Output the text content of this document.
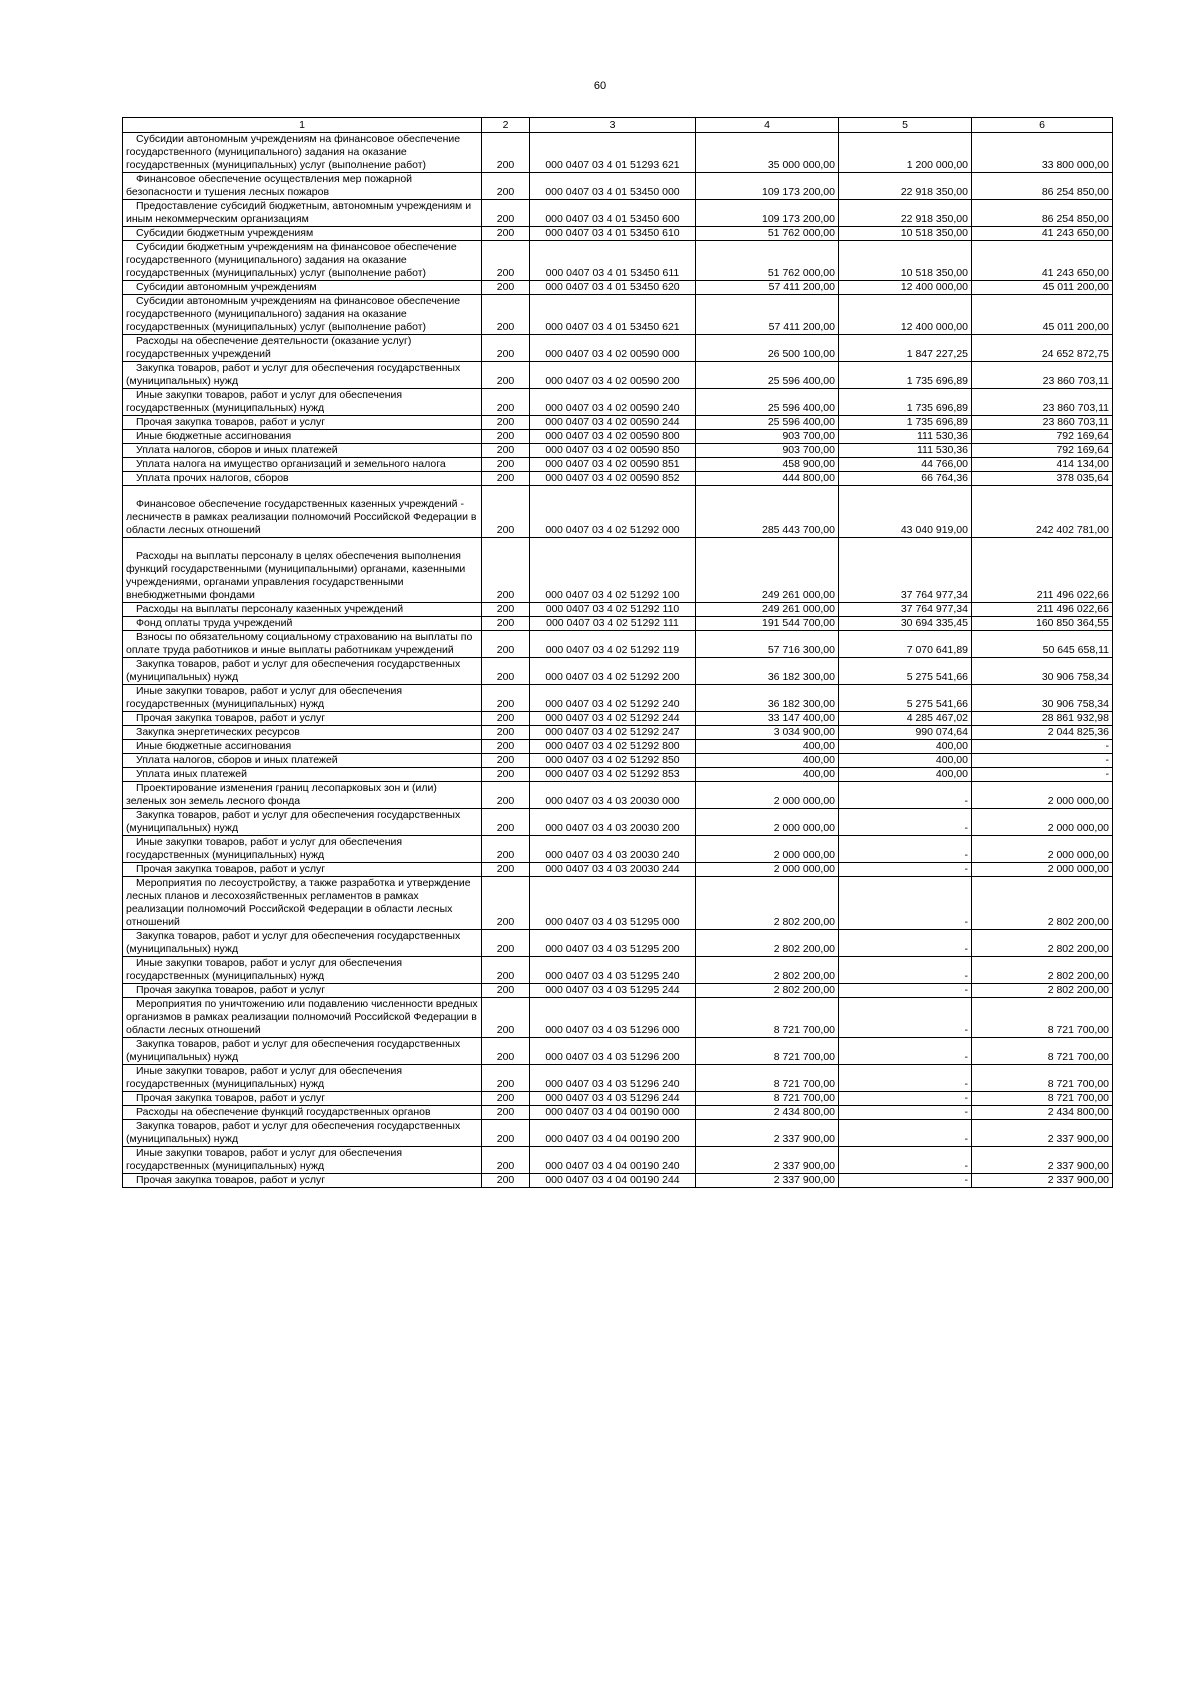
60
1	2	3	4	5	6
Субсидии автономным учреждениям на финансовое обеспечение государственного (муниципального) задания на оказание государственных (муниципальных) услуг (выполнение работ)	200	000 0407 03 4 01 51293 621	35 000 000,00	1 200 000,00	33 800 000,00
Финансовое обеспечение осуществления мер пожарной безопасности и тушения лесных пожаров	200	000 0407 03 4 01 53450 000	109 173 200,00	22 918 350,00	86 254 850,00
Предоставление субсидий бюджетным, автономным учреждениям и иным некоммерческим организациям	200	000 0407 03 4 01 53450 600	109 173 200,00	22 918 350,00	86 254 850,00
Субсидии бюджетным учреждениям	200	000 0407 03 4 01 53450 610	51 762 000,00	10 518 350,00	41 243 650,00
Субсидии бюджетным учреждениям на финансовое обеспечение государственного (муниципального) задания на оказание государственных (муниципальных) услуг (выполнение работ)	200	000 0407 03 4 01 53450 611	51 762 000,00	10 518 350,00	41 243 650,00
Субсидии автономным учреждениям	200	000 0407 03 4 01 53450 620	57 411 200,00	12 400 000,00	45 011 200,00
Субсидии автономным учреждениям на финансовое обеспечение государственного (муниципального) задания на оказание государственных (муниципальных) услуг (выполнение работ)	200	000 0407 03 4 01 53450 621	57 411 200,00	12 400 000,00	45 011 200,00
Расходы на обеспечение деятельности (оказание услуг) государственных учреждений	200	000 0407 03 4 02 00590 000	26 500 100,00	1 847 227,25	24 652 872,75
Закупка товаров, работ и услуг для обеспечения государственных (муниципальных) нужд	200	000 0407 03 4 02 00590 200	25 596 400,00	1 735 696,89	23 860 703,11
Иные закупки товаров, работ и услуг для обеспечения государственных (муниципальных) нужд	200	000 0407 03 4 02 00590 240	25 596 400,00	1 735 696,89	23 860 703,11
Прочая закупка товаров, работ и услуг	200	000 0407 03 4 02 00590 244	25 596 400,00	1 735 696,89	23 860 703,11
Иные бюджетные ассигнования	200	000 0407 03 4 02 00590 800	903 700,00	111 530,36	792 169,64
Уплата налогов, сборов и иных платежей	200	000 0407 03 4 02 00590 850	903 700,00	111 530,36	792 169,64
Уплата налога на имущество организаций и земельного налога	200	000 0407 03 4 02 00590 851	458 900,00	44 766,00	414 134,00
Уплата прочих налогов, сборов	200	000 0407 03 4 02 00590 852	444 800,00	66 764,36	378 035,64
Финансовое обеспечение государственных казенных учреждений - лесничеств в рамках реализации полномочий Российской Федерации в области лесных отношений	200	000 0407 03 4 02 51292 000	285 443 700,00	43 040 919,00	242 402 781,00
Расходы на выплаты персоналу в целях обеспечения выполнения функций государственными (муниципальными) органами, казенными учреждениями, органами управления государственными внебюджетными фондами	200	000 0407 03 4 02 51292 100	249 261 000,00	37 764 977,34	211 496 022,66
Расходы на выплаты персоналу казенных учреждений	200	000 0407 03 4 02 51292 110	249 261 000,00	37 764 977,34	211 496 022,66
Фонд оплаты труда учреждений	200	000 0407 03 4 02 51292 111	191 544 700,00	30 694 335,45	160 850 364,55
Взносы по обязательному социальному страхованию на выплаты по оплате труда работников и иные выплаты работникам учреждений	200	000 0407 03 4 02 51292 119	57 716 300,00	7 070 641,89	50 645 658,11
Закупка товаров, работ и услуг для обеспечения государственных (муниципальных) нужд	200	000 0407 03 4 02 51292 200	36 182 300,00	5 275 541,66	30 906 758,34
Иные закупки товаров, работ и услуг для обеспечения государственных (муниципальных) нужд	200	000 0407 03 4 02 51292 240	36 182 300,00	5 275 541,66	30 906 758,34
Прочая закупка товаров, работ и услуг	200	000 0407 03 4 02 51292 244	33 147 400,00	4 285 467,02	28 861 932,98
Закупка энергетических ресурсов	200	000 0407 03 4 02 51292 247	3 034 900,00	990 074,64	2 044 825,36
Иные бюджетные ассигнования	200	000 0407 03 4 02 51292 800	400,00	400,00	-
Уплата налогов, сборов и иных платежей	200	000 0407 03 4 02 51292 850	400,00	400,00	-
Уплата иных платежей	200	000 0407 03 4 02 51292 853	400,00	400,00	-
Проектирование изменения границ лесопарковых зон и (или) зеленых зон земель лесного фонда	200	000 0407 03 4 03 20030 000	2 000 000,00	-	2 000 000,00
Закупка товаров, работ и услуг для обеспечения государственных (муниципальных) нужд	200	000 0407 03 4 03 20030 200	2 000 000,00	-	2 000 000,00
Иные закупки товаров, работ и услуг для обеспечения государственных (муниципальных) нужд	200	000 0407 03 4 03 20030 240	2 000 000,00	-	2 000 000,00
Прочая закупка товаров, работ и услуг	200	000 0407 03 4 03 20030 244	2 000 000,00	-	2 000 000,00
Мероприятия по лесоустройству, а также разработка и утверждение лесных планов и лесохозяйственных регламентов в рамках реализации полномочий Российской Федерации в области лесных отношений	200	000 0407 03 4 03 51295 000	2 802 200,00	-	2 802 200,00
Закупка товаров, работ и услуг для обеспечения государственных (муниципальных) нужд	200	000 0407 03 4 03 51295 200	2 802 200,00	-	2 802 200,00
Иные закупки товаров, работ и услуг для обеспечения государственных (муниципальных) нужд	200	000 0407 03 4 03 51295 240	2 802 200,00	-	2 802 200,00
Прочая закупка товаров, работ и услуг	200	000 0407 03 4 03 51295 244	2 802 200,00	-	2 802 200,00
Мероприятия по уничтожению или подавлению численности вредных организмов в рамках реализации полномочий Российской Федерации в области лесных отношений	200	000 0407 03 4 03 51296 000	8 721 700,00	-	8 721 700,00
Закупка товаров, работ и услуг для обеспечения государственных (муниципальных) нужд	200	000 0407 03 4 03 51296 200	8 721 700,00	-	8 721 700,00
Иные закупки товаров, работ и услуг для обеспечения государственных (муниципальных) нужд	200	000 0407 03 4 03 51296 240	8 721 700,00	-	8 721 700,00
Прочая закупка товаров, работ и услуг	200	000 0407 03 4 03 51296 244	8 721 700,00	-	8 721 700,00
Расходы на обеспечение функций государственных органов	200	000 0407 03 4 04 00190 000	2 434 800,00	-	2 434 800,00
Закупка товаров, работ и услуг для обеспечения государственных (муниципальных) нужд	200	000 0407 03 4 04 00190 200	2 337 900,00	-	2 337 900,00
Иные закупки товаров, работ и услуг для обеспечения государственных (муниципальных) нужд	200	000 0407 03 4 04 00190 240	2 337 900,00	-	2 337 900,00
Прочая закупка товаров, работ и услуг	200	000 0407 03 4 04 00190 244	2 337 900,00	-	2 337 900,00
